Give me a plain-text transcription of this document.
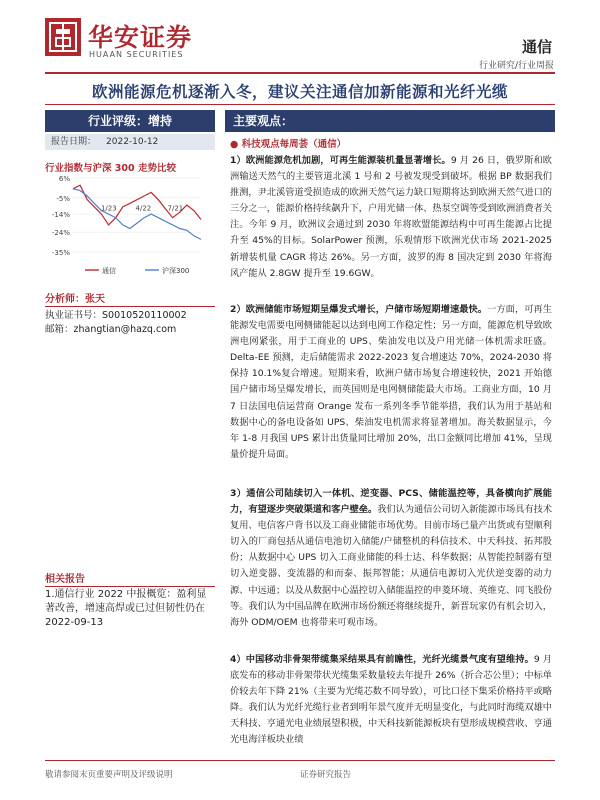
华安证券
HUAAN SECURITIES	通信
行业研究/行业周报
欧洲能源危机逐渐入冬，建议关注通信加新能源和光纤光缆
行业评级：增持
报告日期： 2022-10-12
行业指数与沪深 300 走势比较
6%
-5%
-14%
-24%
-35%
1/23	4/22 7/21
通信	沪深300
分析师：张天
执业证书号：S0010520110002
邮箱：zhangtian@hazq.com
相关报告
1.通信行业 2022 中报概览：盈利显著改善，增速高焊或已过但韧性仍在 2022-09-13
主要观点：
● 科技观点每周荟（通信）
1）欧洲能源危机加剧，可再生能源装机量显著增长。9 月 26 日，俄罗斯和欧洲输送天然气的主要管道北溪 1 号和 2 号被发现受到破坏。根据 BP 数据我们推测，尹北溪管道受损造成的欧洲天然气运力缺口短期将达到欧洲天然气进口的三分之一，能源价格持续飙升下，户用光储一体、热泵空调等受到欧洲消费者关注。今年 9 月，欧洲议会通过到 2030 年将欧盟能源结构中可再生能源占比提升至 45%的目标。SolarPower 预测，乐观情形下欧洲光伏市场 2021-2025 新增装机量 CAGR 将达 26%。另一方面，波罗的海 8 国决定到 2030 年将海风产能从 2.8GW 提升至 19.6GW。
2）欧洲储能市场短期呈爆发式增长，户储市场短期增速最快。一方面，可再生能源发电需要电网侧储能起以达到电网工作稳定性；另一方面，能源危机导致欧洲电网紧张，用于工商业的 UPS、柴油发电以及户用光储一体机需求旺盛。Delta-EE 预测，走后储能需求 2022-2023 复合增速达 70%，2024-2030 将保持 10.1%复合增速。短期来看，欧洲户储市场复合增速较快，2021 开始德国户储市场呈爆发增长，而英国则是电网侧储能最大市场。工商业方面，10 月 7 日法国电信运营商 Orange 发布一系列冬季节能举措，我们认为用于基站和数据中心的备电设备如 UPS、柴油发电机需求将显著增加。海关数据显示，今年 1-8 月我国 UPS 累计出货量同比增加 20%，出口金额同比增加 41%，呈现量价提升局面。
3）通信公司陆续切入一体机、逆变器、PCS、储能温控等，具备横向扩展能力，有望逐步突破渠道和客户壁垒。我们认为通信公司切入新能源市场具有技术复用、电信客户背书以及工商业储能市场优势。目前市场已量产出货或有望顺利切入的厂商包括从通信电池切入储能/户储整机的科信技术、中天科技、拓邦股份；从数据中心 UPS 切入工商业储能的科士达、科华数据；从智能控制器有望切入逆变器、变流器的和而泰、振邦智能；从通信电源切入光伏逆变器的动力源、中远通；以及从数据中心温控切入储能温控的申菱环境、英维克、同飞股份等。我们认为中国品牌在欧洲市场份额还将继续提升，新晋玩家仍有机会切入，海外 ODM/OEM 也将带来可观市场。
4）中国移动非骨架带缆集采结果具有前瞻性，光纤光缆景气度有望维持。9 月底发布的移动非骨架带状光缆集采数量较去年提升 26%（折合芯公里）；中标单价较去年下降 21%（主要为光缆芯数不同导致），可比口径下集采价格持平或略降。我们认为光纤光缆行业者到明年景气度并无明显变化，与此同时海缆双雄中天科技、亨通光电业绩展望积极，中天科技新能源板块有望形成规模营收、亨通光电海洋板块业绩
敬请参阅末页重要声明及评级说明	证券研究报告
